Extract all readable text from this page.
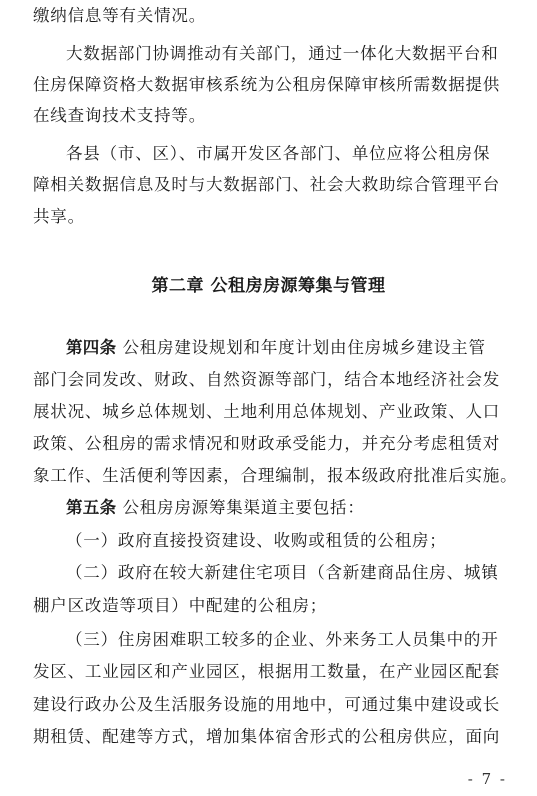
缴纳信息等有关情况。
大数据部门协调推动有关部门，通过一体化大数据平台和
住房保障资格大数据审核系统为公租房保障审核所需数据提供
在线查询技术支持等。
各县（市、区）、市属开发区各部门、单位应将公租房保
障相关数据信息及时与大数据部门、社会大救助综合管理平台
共享。
第二章 公租房房源筹集与管理
第四条 公租房建设规划和年度计划由住房城乡建设主管
部门会同发改、财政、自然资源等部门，结合本地经济社会发
展状况、城乡总体规划、土地利用总体规划、产业政策、人口
政策、公租房的需求情况和财政承受能力，并充分考虑租赁对
象工作、生活便利等因素，合理编制，报本级政府批准后实施。
第五条 公租房房源筹集渠道主要包括：
（一）政府直接投资建设、收购或租赁的公租房；
（二）政府在较大新建住宅项目（含新建商品住房、城镇
棚户区改造等项目）中配建的公租房；
（三）住房困难职工较多的企业、外来务工人员集中的开
发区、工业园区和产业园区，根据用工数量，在产业园区配套
建设行政办公及生活服务设施的用地中，可通过集中建设或长
期租赁、配建等方式，增加集体宿舍形式的公租房供应，面向
- 7 -
